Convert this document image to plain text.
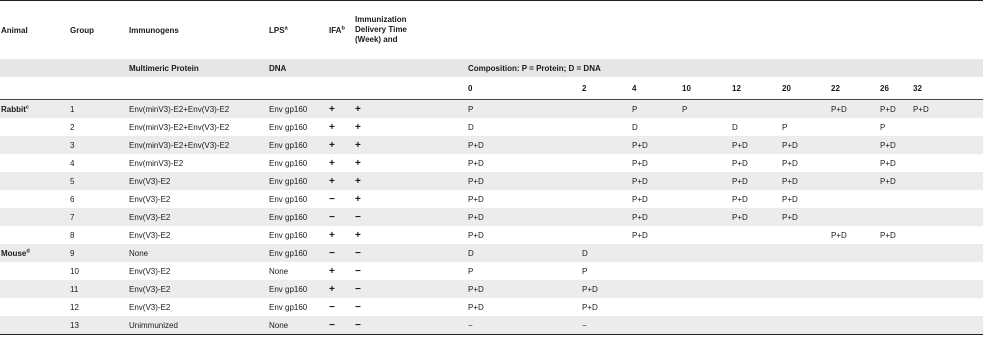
Animal	Group	Immunogens	LPS$^a$	IFA$^b$	Immunization
Delivery Time
(Week) and									

		Multimeric Protein	DNA			Composition: P = Protein; D = DNA								
						0	2	4	10	12	20	22	26	32
Rabbit$^c$	1	Env(minV3)-E2+Env(V3)-E2	Env gp160	+	+	P		P	P			P+D	P+D	P+D
	2	Env(minV3)-E2+Env(V3)-E2	Env gp160	+	+	D		D		D	P		P	
	3	Env(minV3)-E2+Env(V3)-E2	Env gp160	+	+	P+D		P+D		P+D	P+D		P+D	
	4	Env(minV3)-E2	Env gp160	+	+	P+D		P+D		P+D	P+D		P+D	
	5	Env(V3)-E2	Env gp160	+	+	P+D		P+D		P+D	P+D		P+D	
	6	Env(V3)-E2	Env gp160	−	+	P+D		P+D		P+D	P+D			
	7	Env(V3)-E2	Env gp160	−	−	P+D		P+D		P+D	P+D			
	8	Env(V3)-E2	Env gp160	+	+	P+D		P+D				P+D	P+D	
Mouse$^d$	9	None	Env gp160	−	−	D	D							
	10	Env(V3)-E2	None	+	−	P	P							
	11	Env(V3)-E2	Env gp160	+	−	P+D	P+D							
	12	Env(V3)-E2	Env gp160	−	−	P+D	P+D							
	13	Unimmunized	None	−	−	−	−							
